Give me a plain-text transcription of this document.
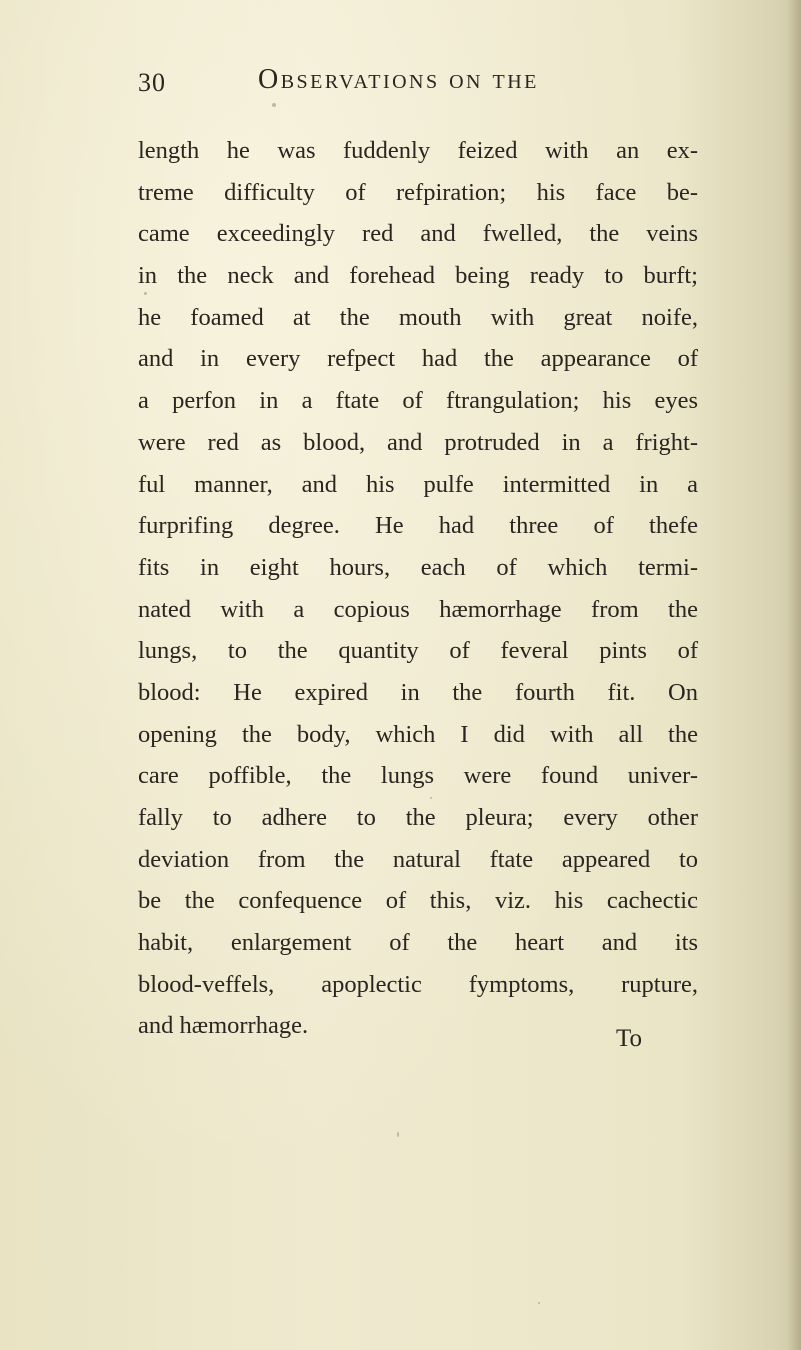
30	Observations on the
length he was fuddenly feized with an ex-
treme difficulty of refpiration; his face be-
came exceedingly red and fwelled, the veins
in the neck and forehead being ready to burft;
he foamed at the mouth with great noife,
and in every refpect had the appearance of
a perfon in a ftate of ftrangulation; his eyes
were red as blood, and protruded in a fright-
ful manner, and his pulfe intermitted in a
furprifing degree. He had three of thefe
fits in eight hours, each of which termi-
nated with a copious hæmorrhage from the
lungs, to the quantity of feveral pints of
blood: He expired in the fourth fit. On
opening the body, which I did with all the
care poffible, the lungs were found univer-
fally to adhere to the pleura; every other
deviation from the natural ftate appeared to
be the confequence of this, viz. his cachectic
habit, enlargement of the heart and its
blood-veffels, apoplectic fymptoms, rupture,
and hæmorrhage.	To
